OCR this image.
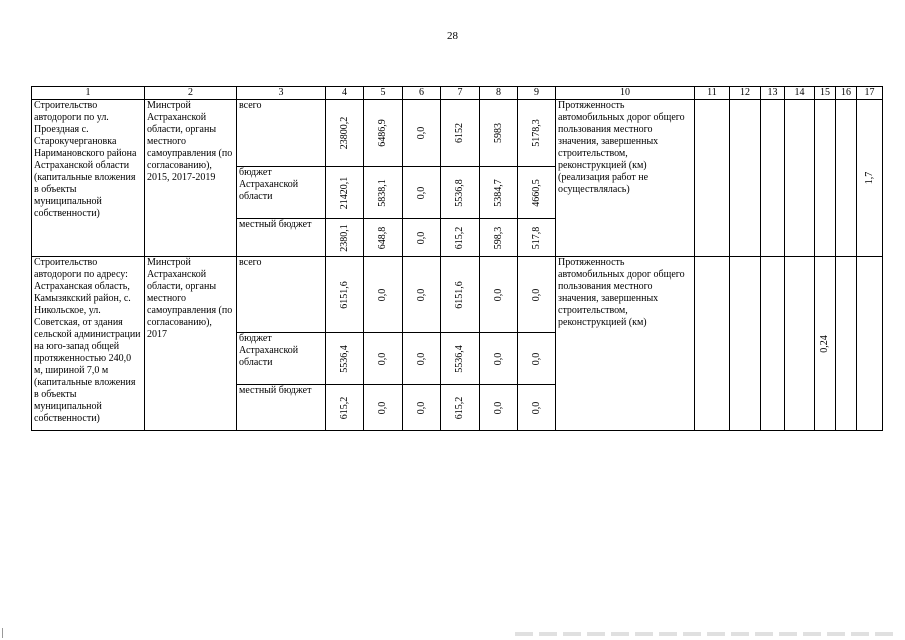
28
1	2	3	4	5	6	7	8	9	10	11	12	13	14	15	16	17
Строительство автодороги по ул. Проездная с. Старокучергановка Наримановского района Астраханской области (капитальные вложения в объекты муниципальной собственности)	Минстрой Астраханской области, органы местного самоуправления (по согласованию), 2015, 2017-2019	всего	23800,2	6486,9	0,0	6152	5983	5178,3	Протяженность автомобильных дорог общего пользования местного значения, завершенных строительством, реконструкцией (км) (реализация работ не осуществлялась)							1,7

		бюджет Астраханской области	21420,1	5838,1	0,0	5536,8	5384,7	4660,5								

		местный бюджет	2380,1	648,8	0,0	615,2	598,3	517,8								

Строительство автодороги по адресу: Астраханская область, Камызякский район, с. Никольское, ул. Советская, от здания сельской администрации на юго-запад общей протяженностью 240,0 м, шириной 7,0 м (капитальные вложения в объекты муниципальной собственности)	Минстрой Астраханской области, органы местного самоуправления (по согласованию), 2017	всего	6151,6	0,0	0,0	6151,6	0,0	0,0	Протяженность автомобильных дорог общего пользования местного значения, завершенных строительством, реконструкцией (км)					0,24		

		бюджет Астраханской области	5536,4	0,0	0,0	5536,4	0,0	0,0								

		местный бюджет	615,2	0,0	0,0	615,2	0,0	0,0								
